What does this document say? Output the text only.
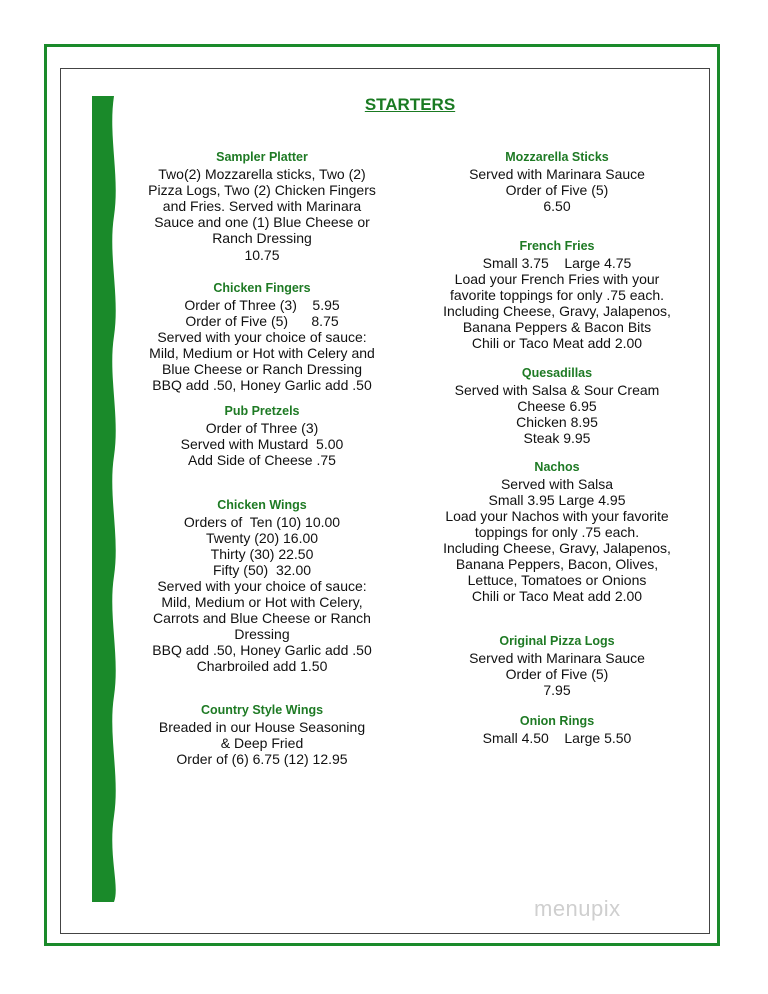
STARTERS
Sampler Platter
Two(2) Mozzarella sticks, Two (2)
Pizza Logs, Two (2) Chicken Fingers
and Fries. Served with Marinara
Sauce and one (1) Blue Cheese or
Ranch Dressing
10.75
Chicken Fingers
Order of Three (3)    5.95
Order of Five (5)      8.75
Served with your choice of sauce:
Mild, Medium or Hot with Celery and
Blue Cheese or Ranch Dressing
BBQ add .50, Honey Garlic add .50
Pub Pretzels
Order of Three (3)
Served with Mustard  5.00
Add Side of Cheese .75
Chicken Wings
Orders of  Ten (10) 10.00
Twenty (20) 16.00
Thirty (30) 22.50
Fifty (50)  32.00
Served with your choice of sauce:
Mild, Medium or Hot with Celery,
Carrots and Blue Cheese or Ranch
Dressing
BBQ add .50, Honey Garlic add .50
Charbroiled add 1.50
Country Style Wings
Breaded in our House Seasoning
& Deep Fried
Order of (6) 6.75 (12) 12.95
Mozzarella Sticks
Served with Marinara Sauce
Order of Five (5)
6.50
French Fries
Small 3.75    Large 4.75
Load your French Fries with your
favorite toppings for only .75 each.
Including Cheese, Gravy, Jalapenos,
Banana Peppers & Bacon Bits
Chili or Taco Meat add 2.00
Quesadillas
Served with Salsa & Sour Cream
Cheese 6.95
Chicken 8.95
Steak 9.95
Nachos
Served with Salsa
Small 3.95 Large 4.95
Load your Nachos with your favorite
toppings for only .75 each.
Including Cheese, Gravy, Jalapenos,
Banana Peppers, Bacon, Olives,
Lettuce, Tomatoes or Onions
Chili or Taco Meat add 2.00
Original Pizza Logs
Served with Marinara Sauce
Order of Five (5)
7.95
Onion Rings
Small 4.50    Large 5.50
menupix
